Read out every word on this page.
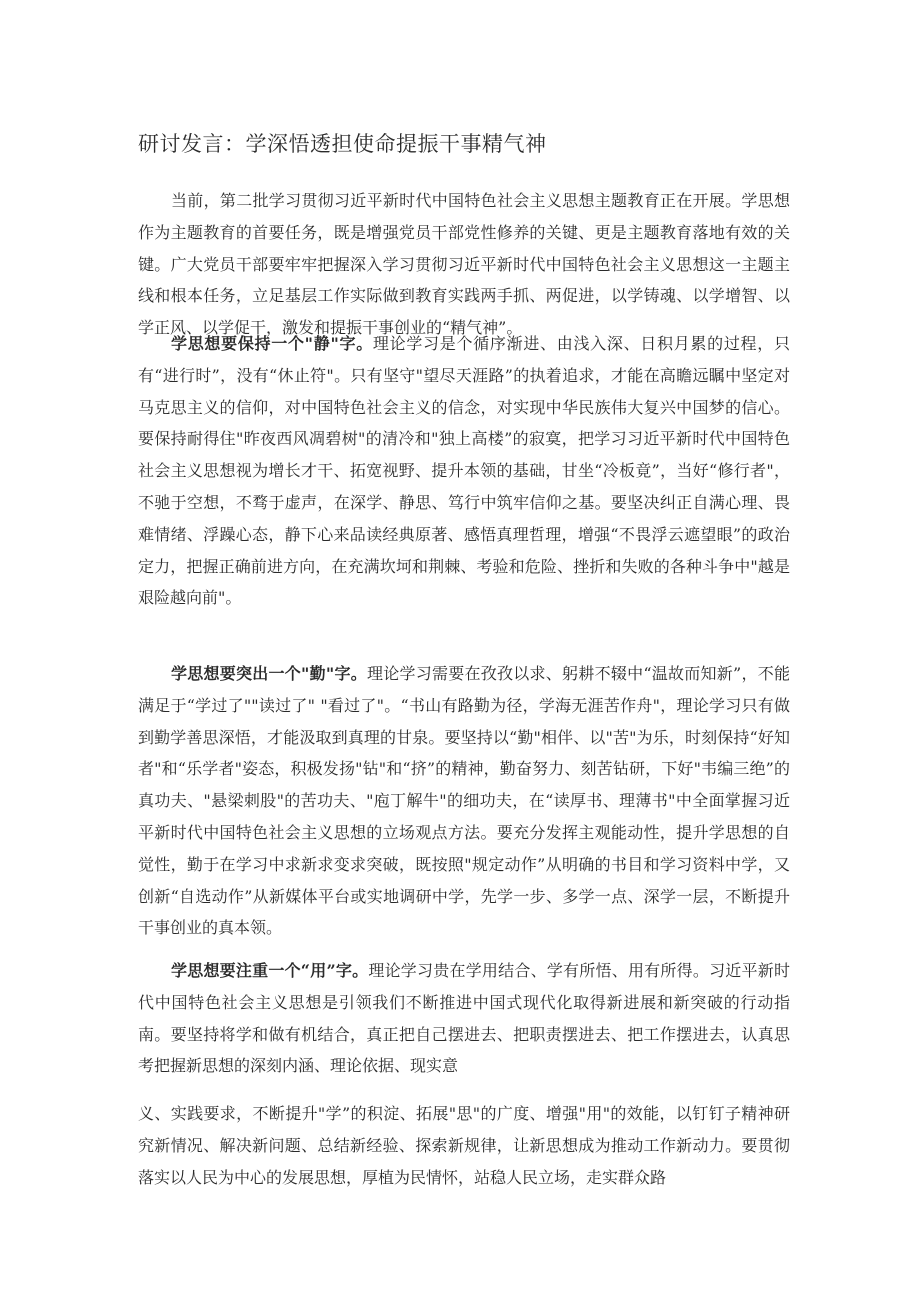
研讨发言：学深悟透担使命提振干事精气神

当前，第二批学习贯彻习近平新时代中国特色社会主义思想主题教育正在开展。学思想作为主题教育的首要任务，既是增强党员干部党性修养的关键、更是主题教育落地有效的关键。广大党员干部要牢牢把握深入学习贯彻习近平新时代中国特色社会主义思想这一主题主线和根本任务，立足基层工作实际做到教育实践两手抓、两促进，以学铸魂、以学增智、以学正风、以学促干，激发和提振干事创业的“精气神”。

学思想要保持一个"静"字。理论学习是个循序渐进、由浅入深、日积月累的过程，只有“进行时”，没有“休止符"。只有坚守"望尽天涯路”的执着追求，才能在高瞻远瞩中坚定对马克思主义的信仰，对中国特色社会主义的信念，对实现中华民族伟大复兴中国梦的信心。要保持耐得住"昨夜西风凋碧树"的清冷和"独上高楼”的寂寞，把学习习近平新时代中国特色社会主义思想视为增长才干、拓宽视野、提升本领的基础，甘坐“冷板竟”，当好“修行者"，不驰于空想，不骛于虚声，在深学、静思、笃行中筑牢信仰之基。要坚决纠正自满心理、畏难情绪、浮躁心态，静下心来品读经典原著、感悟真理哲理，增强“不畏浮云遮望眼”的政治定力，把握正确前进方向，在充满坎坷和荆棘、考验和危险、挫折和失败的各种斗争中"越是艰险越向前"。

学思想要突出一个"勤"字。理论学习需要在孜孜以求、躬耕不辍中“温故而知新”，不能满足于“学过了""读过了" "看过了"。“书山有路勤为径，学海无涯苦作舟"，理论学习只有做到勤学善思深悟，才能汲取到真理的甘泉。要坚持以“勤"相伴、以"苦"为乐，时刻保持“好知者"和“乐学者"姿态，积极发扬"钻"和“挤”的精神，勤奋努力、刻苦钻研，下好"韦编三绝”的真功夫、"悬梁刺股"的苦功夫、"庖丁解牛"的细功夫，在“读厚书、理薄书"中全面掌握习近平新时代中国特色社会主义思想的立场观点方法。要充分发挥主观能动性，提升学思想的自觉性，勤于在学习中求新求变求突破，既按照"规定动作”从明确的书目和学习资料中学，又创新“自选动作”从新媒体平台或实地调研中学，先学一步、多学一点、深学一层，不断提升干事创业的真本领。

学思想要注重一个“用”字。理论学习贵在学用结合、学有所悟、用有所得。习近平新时代中国特色社会主义思想是引领我们不断推进中国式现代化取得新进展和新突破的行动指南。要坚持将学和做有机结合，真正把自己摆进去、把职责摆进去、把工作摆进去，认真思考把握新思想的深刻内涵、理论依据、现实意

义、实践要求，不断提升"学”的积淀、拓展"思"的广度、增强"用"的效能，以钉钉子精神研究新情况、解决新问题、总结新经验、探索新规律，让新思想成为推动工作新动力。要贯彻落实以人民为中心的发展思想，厚植为民情怀，站稳人民立场，走实群众路
